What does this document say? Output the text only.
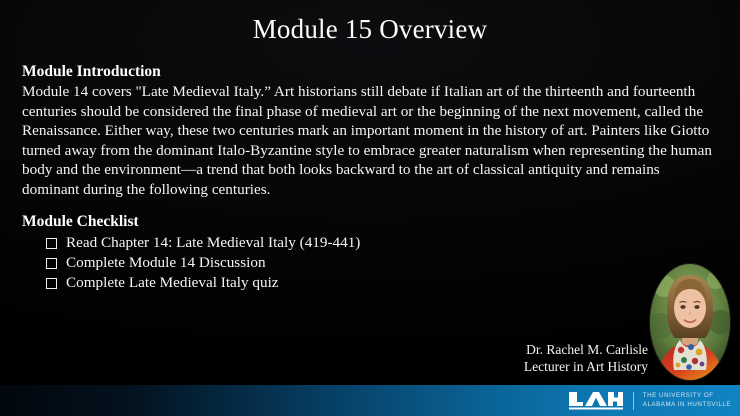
Module 15 Overview
Module Introduction

Module 14 covers "Late Medieval Italy.” Art historians still debate if Italian art of the thirteenth and fourteenth centuries should be considered the final phase of medieval art or the beginning of the next movement, called the Renaissance. Either way, these two centuries mark an important moment in the history of art. Painters like Giotto turned away from the dominant Italo-Byzantine style to embrace greater naturalism when representing the human body and the environment—a trend that both looks backward to the art of classical antiquity and remains dominant during the following centuries.

Module Checklist
Read Chapter 14: Late Medieval Italy (419-441)
Complete Module 14 Discussion
Complete Late Medieval Italy quiz
Dr. Rachel M. Carlisle
Lecturer in Art History
THE UNIVERSITY OF
ALABAMA IN HUNTSVILLE
